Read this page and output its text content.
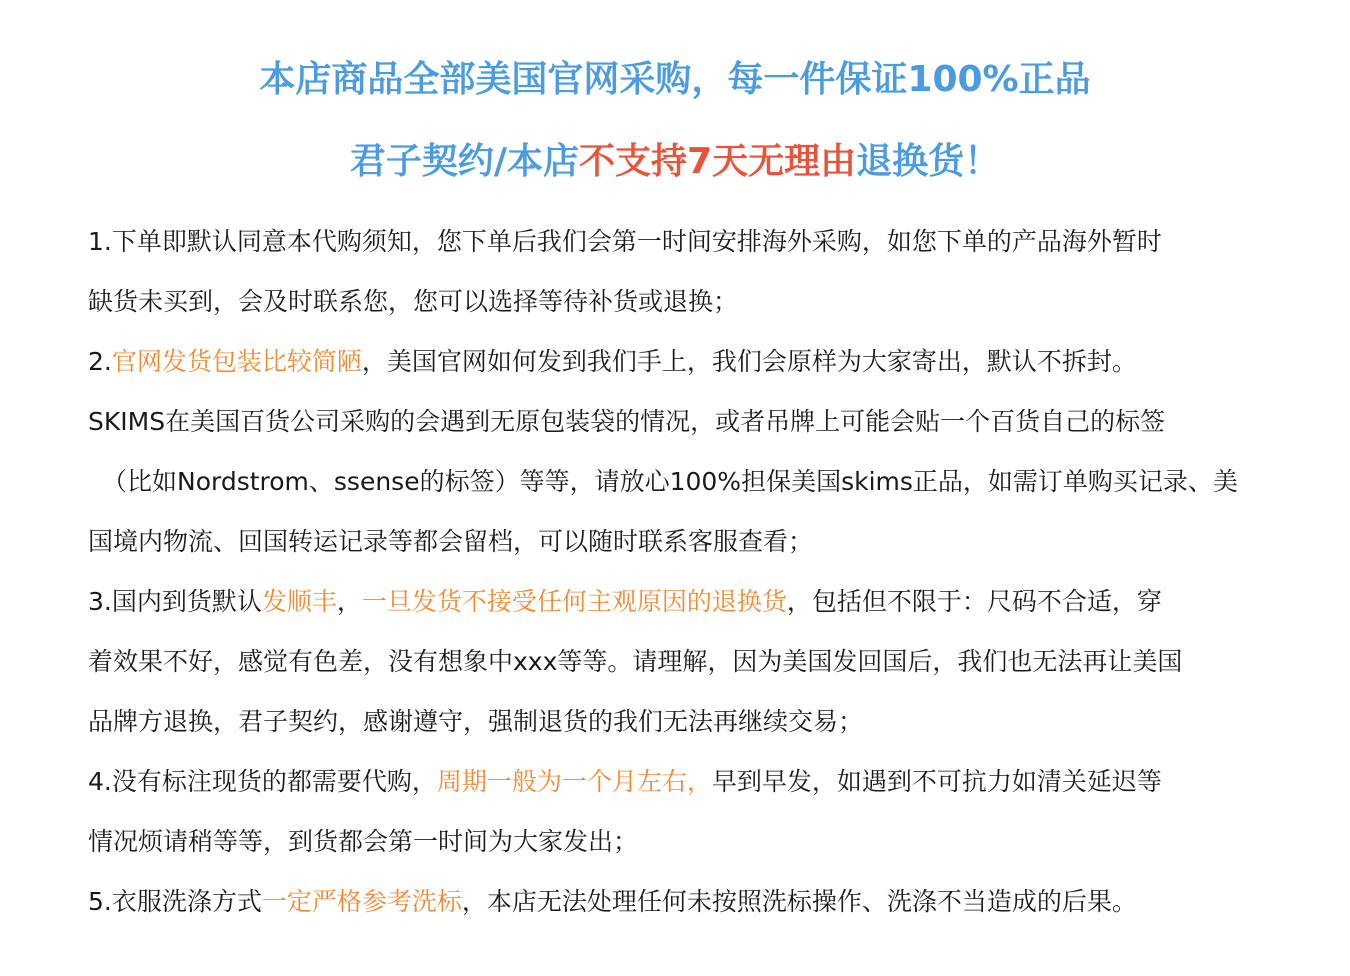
本店商品全部美国官网采购，每一件保证100%正品
君子契约/本店不支持7天无理由退换货！
1.下单即默认同意本代购须知，您下单后我们会第一时间安排海外采购，如您下单的产品海外暂时
缺货未买到，会及时联系您，您可以选择等待补货或退换；
2.官网发货包装比较简陋，美国官网如何发到我们手上，我们会原样为大家寄出，默认不拆封。
SKIMS在美国百货公司采购的会遇到无原包装袋的情况，或者吊牌上可能会贴一个百货自己的标签
（比如Nordstrom、ssense的标签）等等，请放心100%担保美国skims正品，如需订单购买记录、美
国境内物流、回国转运记录等都会留档，可以随时联系客服查看；
3.国内到货默认发顺丰，一旦发货不接受任何主观原因的退换货，包括但不限于：尺码不合适，穿
着效果不好，感觉有色差，没有想象中xxx等等。请理解，因为美国发回国后，我们也无法再让美国
品牌方退换，君子契约，感谢遵守，强制退货的我们无法再继续交易；
4.没有标注现货的都需要代购，周期一般为一个月左右，早到早发，如遇到不可抗力如清关延迟等
情况烦请稍等等，到货都会第一时间为大家发出；
5.衣服洗涤方式一定严格参考洗标，本店无法处理任何未按照洗标操作、洗涤不当造成的后果。
